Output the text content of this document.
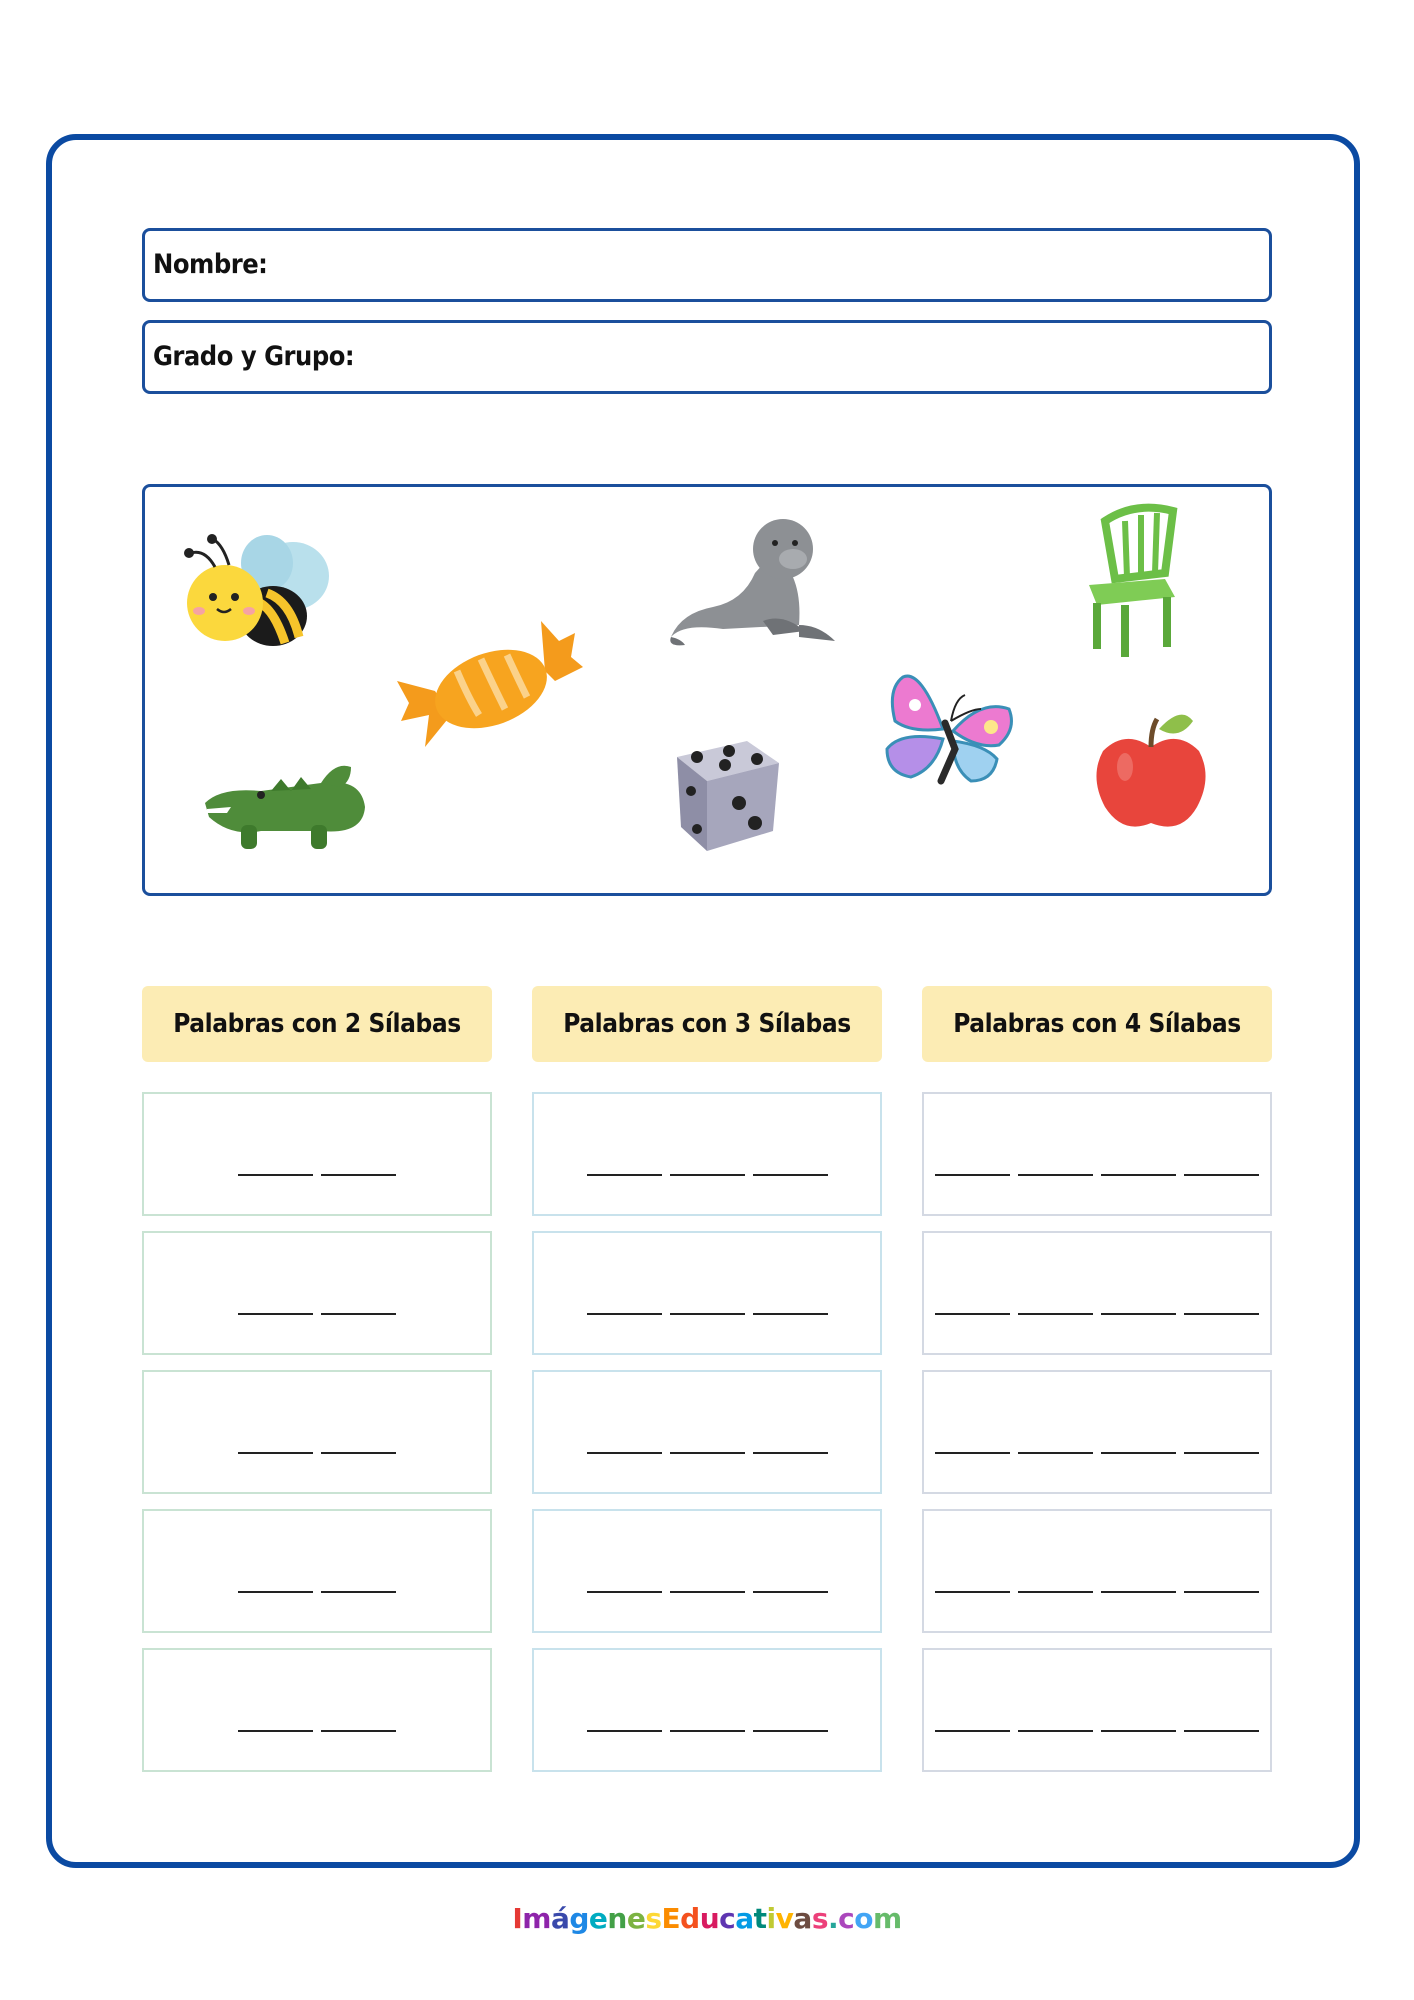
Nombre:
Grado y Grupo:
Palabras con 2 Sílabas	Palabras con 3 Sílabas	Palabras con 4 Sílabas
ImágenesEducativas.com
